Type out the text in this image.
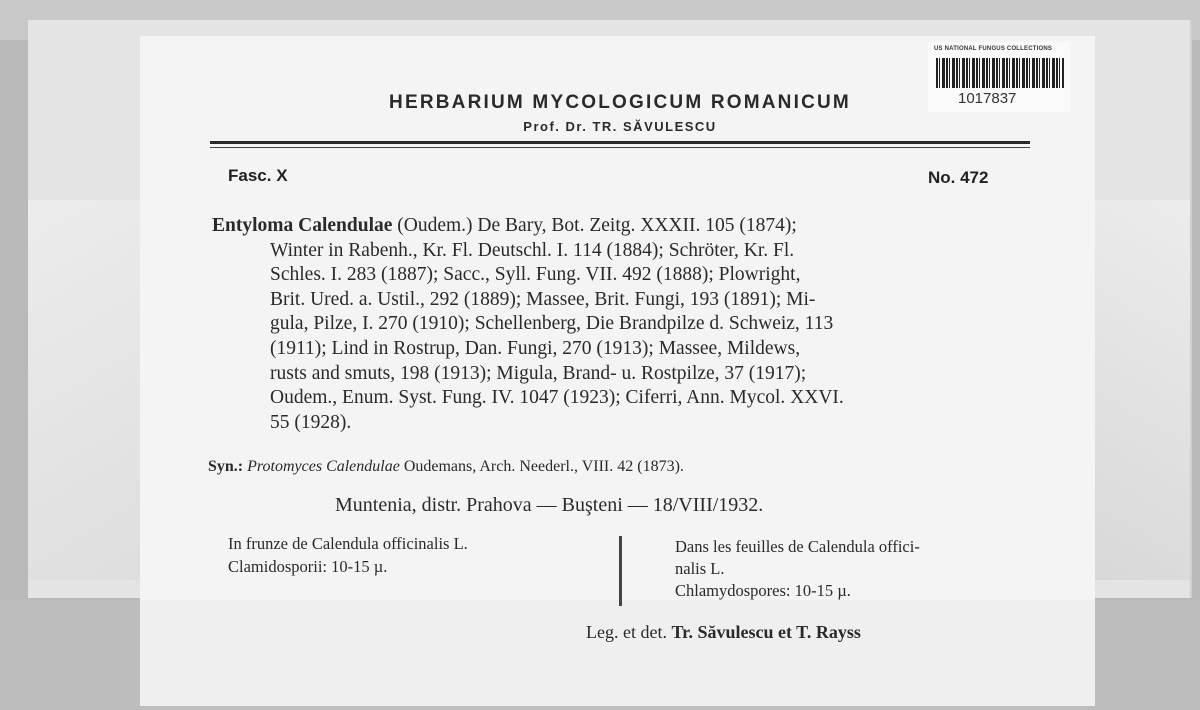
US NATIONAL FUNGUS COLLECTIONS
1017837
HERBARIUM MYCOLOGICUM ROMANICUM
Prof. Dr. TR. SĂVULESCU
Fasc. X	No. 472
Entyloma Calendulae (Oudem.) De Bary, Bot. Zeitg. XXXII. 105 (1874);
Winter in Rabenh., Kr. Fl. Deutschl. I. 114 (1884); Schröter, Kr. Fl.
Schles. I. 283 (1887); Sacc., Syll. Fung. VII. 492 (1888); Plowright,
Brit. Ured. a. Ustil., 292 (1889); Massee, Brit. Fungi, 193 (1891); Mi-
gula, Pilze, I. 270 (1910); Schellenberg, Die Brandpilze d. Schweiz, 113
(1911); Lind in Rostrup, Dan. Fungi, 270 (1913); Massee, Mildews,
rusts and smuts, 198 (1913); Migula, Brand- u. Rostpilze, 37 (1917);
Oudem., Enum. Syst. Fung. IV. 1047 (1923); Ciferri, Ann. Mycol. XXVI.
55 (1928).
Syn.: Protomyces Calendulae Oudemans, Arch. Neederl., VIII. 42 (1873).
Muntenia, distr. Prahova — Buşteni — 18/VIII/1932.
In frunze de Calendula officinalis L.
Clamidosporii: 10-15 µ.
Dans les feuilles de Calendula offici-
nalis L.
Chlamydospores: 10-15 µ.
Leg. et det. Tr. Săvulescu et T. Rayss
